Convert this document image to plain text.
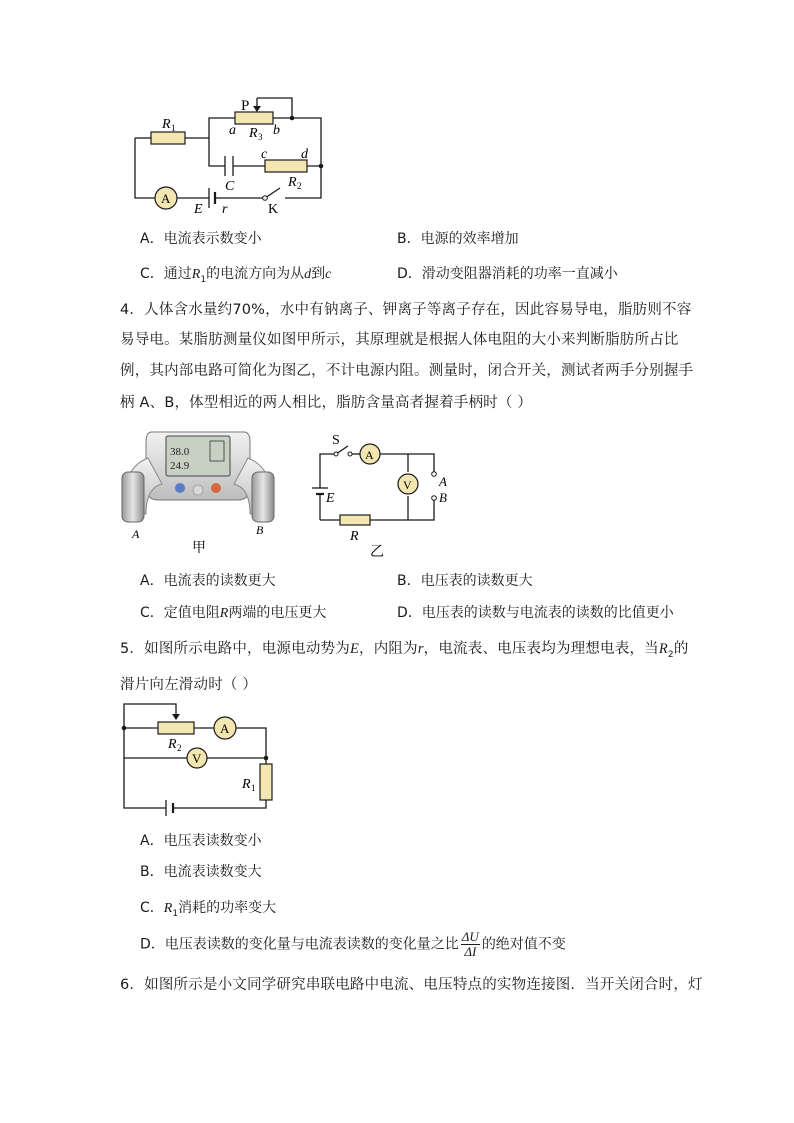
R 1
P
a R 3 b
c d
C	R 2
A
E r	K
A．电流表示数变小	B．电源的效率增加
C．通过$R_1$的电流方向为从d到c	D．滑动变阻器消耗的功率一直减小
4．人体含水量约70%，水中有钠离子、钾离子等离子存在，因此容易导电，脂肪则不容
易导电。某脂肪测量仪如图甲所示，其原理就是根据人体电阻的大小来判断脂肪所占比
例，其内部电路可简化为图乙，不计电源内阻。测量时，闭合开关，测试者两手分别握手
柄 A、B，体型相近的两人相比，脂肪含量高者握着手柄时（ ）
38.0
24.9
A	B
甲
S
A
V
E
R
A
B
乙
A．电流表的读数更大	B．电压表的读数更大
C．定值电阻R两端的电压更大	D．电压表的读数与电流表的读数的比值更小
5．如图所示电路中，电源电动势为E，内阻为r，电流表、电压表均为理想电表，当$R_2$的
滑片向左滑动时（ ）
A
R 2
V
R 1
A．电压表读数变小
B．电流表读数变大
C．$R_1$消耗的功率变大
D．电压表读数的变化量与电流表读数的变化量之比 $\frac{\Delta U}{\Delta I}$ 的绝对值不变
6．如图所示是小文同学研究串联电路中电流、电压特点的实物连接图．当开关闭合时，灯
